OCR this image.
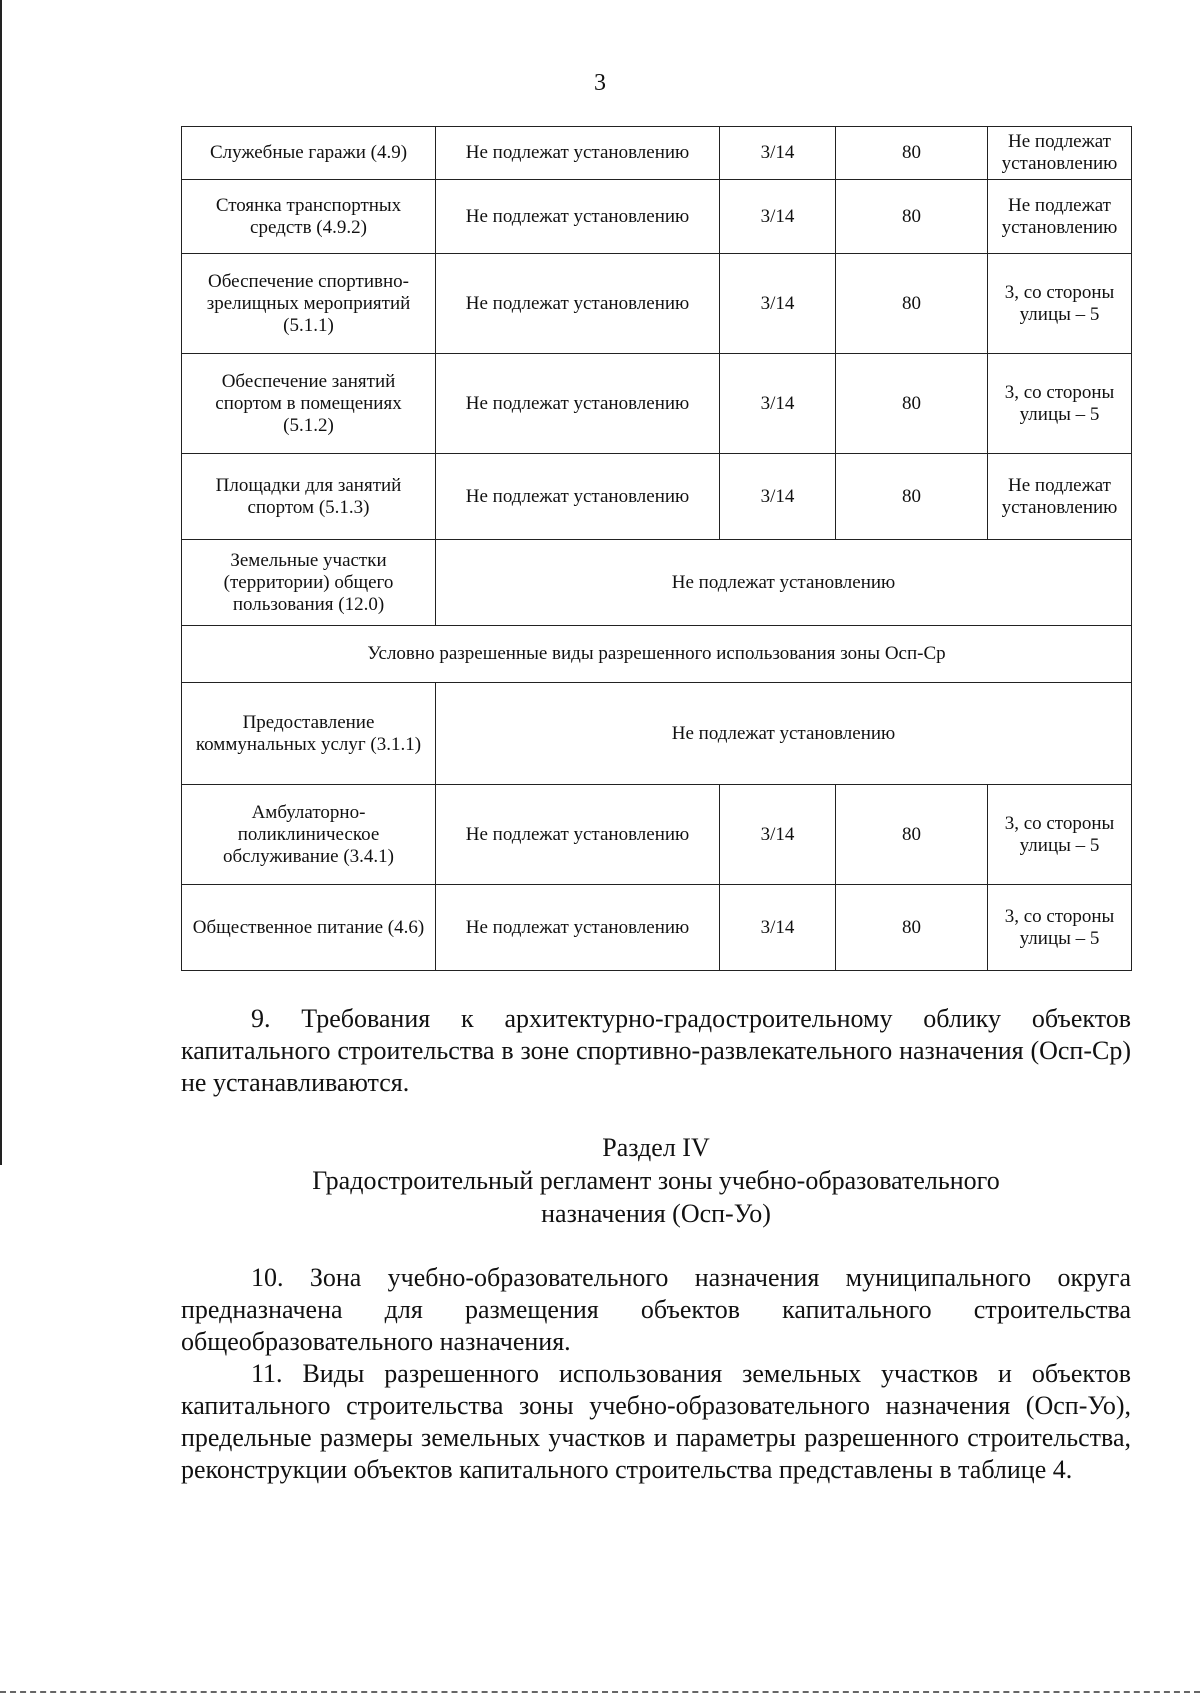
3
Служебные гаражи (4.9)	Не подлежат установлению	3/14	80	Не подлежат установлению
Стоянка транспортных средств (4.9.2)	Не подлежат установлению	3/14	80	Не подлежат установлению
Обеспечение спортивно-зрелищных мероприятий (5.1.1)	Не подлежат установлению	3/14	80	3, со стороны улицы – 5
Обеспечение занятий спортом в помещениях (5.1.2)	Не подлежат установлению	3/14	80	3, со стороны улицы – 5
Площадки для занятий спортом (5.1.3)	Не подлежат установлению	3/14	80	Не подлежат установлению
Земельные участки (территории) общего пользования (12.0)	Не подлежат установлению			
Условно разрешенные виды разрешенного использования зоны Осп-Ср				
Предоставление коммунальных услуг (3.1.1)	Не подлежат установлению			
Амбулаторно-поликлиническое обслуживание (3.4.1)	Не подлежат установлению	3/14	80	3, со стороны улицы – 5
Общественное питание (4.6)	Не подлежат установлению	3/14	80	3, со стороны улицы – 5

9. Требования к архитектурно-градостроительному облику объектов капитального строительства в зоне спортивно-развлекательного назначения (Осп-Ср) не устанавливаются.

Раздел IV
Градостроительный регламент зоны учебно-образовательного
назначения (Осп-Уо)

10. Зона учебно-образовательного назначения муниципального округа предназначена для размещения объектов капитального строительства общеобразовательного назначения.

11. Виды разрешенного использования земельных участков и объектов капитального строительства зоны учебно-образовательного назначения (Осп-Уо), предельные размеры земельных участков и параметры разрешенного строительства, реконструкции объектов капитального строительства представлены в таблице 4.
